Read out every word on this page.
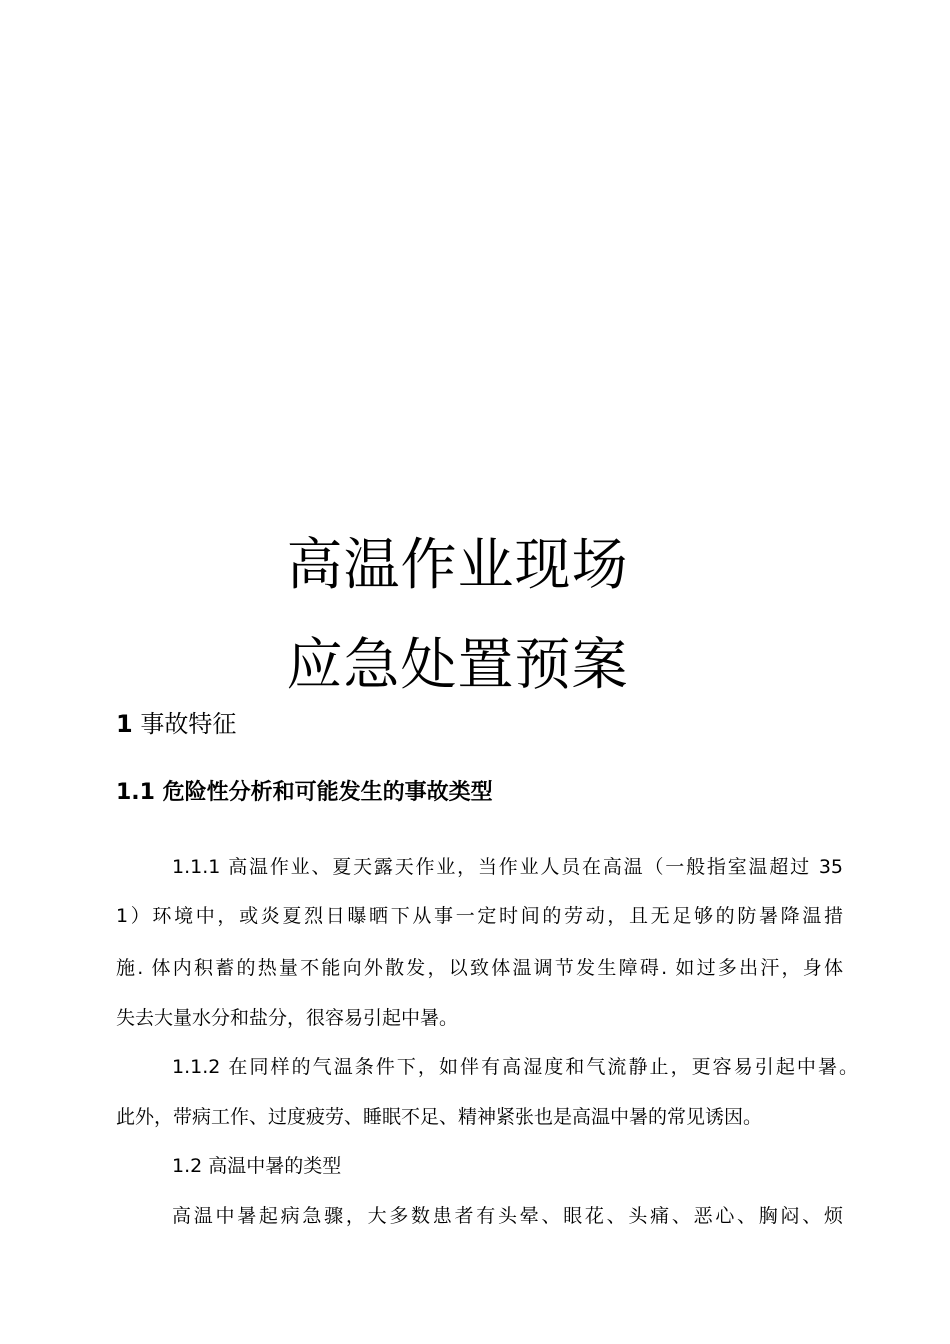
高温作业现场
应急处置预案
1 事故特征
1.1 危险性分析和可能发生的事故类型
1.1.1 高温作业、夏天露天作业，当作业人员在高温（一般指室温超过 35
1）环境中，或炎夏烈日曝晒下从事一定时间的劳动，且无足够的防暑降温措
施. 体内积蓄的热量不能向外散发，以致体温调节发生障碍. 如过多出汗，身体
失去大量水分和盐分，很容易引起中暑。
1.1.2 在同样的气温条件下，如伴有高湿度和气流静止，更容易引起中暑。
此外，带病工作、过度疲劳、睡眠不足、精神紧张也是高温中暑的常见诱因。
1.2 高温中暑的类型
高温中暑起病急骤，大多数患者有头晕、眼花、头痛、恶心、胸闷、烦
